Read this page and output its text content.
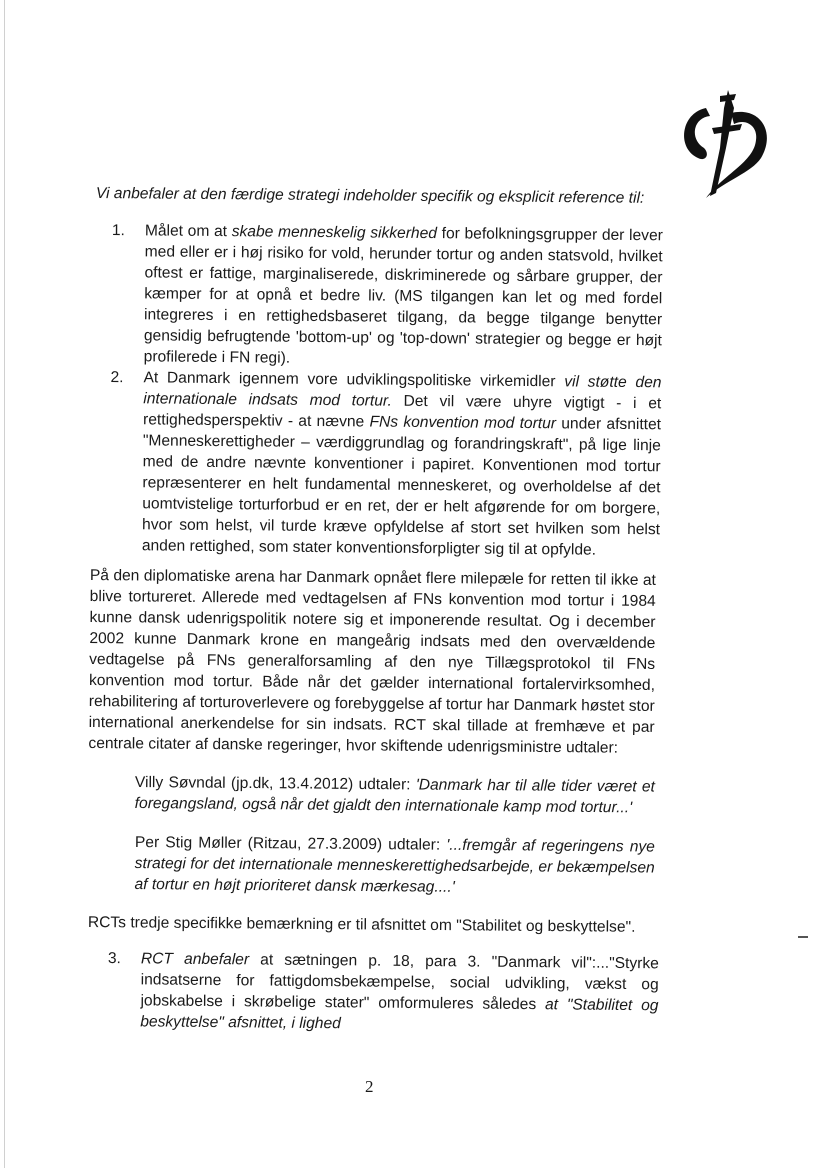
Vi anbefaler at den færdige strategi indeholder specifik og eksplicit reference til:
1. Målet om at skabe menneskelig sikkerhed for befolkningsgrupper der lever med eller er i høj risiko for vold, herunder tortur og anden statsvold, hvilket oftest er fattige, marginaliserede, diskriminerede og sårbare grupper, der kæmper for at opnå et bedre liv. (MS tilgangen kan let og med fordel integreres i en rettighedsbaseret tilgang, da begge tilgange benytter gensidig befrugtende 'bottom-up' og 'top-down' strategier og begge er højt profilerede i FN regi).
2. At Danmark igennem vore udviklingspolitiske virkemidler vil støtte den internationale indsats mod tortur. Det vil være uhyre vigtigt - i et rettighedsperspektiv - at nævne FNs konvention mod tortur under afsnittet "Menneskerettigheder – værdiggrundlag og forandringskraft", på lige linje med de andre nævnte konventioner i papiret. Konventionen mod tortur repræsenterer en helt fundamental menneskeret, og overholdelse af det uomtvistelige torturforbud er en ret, der er helt afgørende for om borgere, hvor som helst, vil turde kræve opfyldelse af stort set hvilken som helst anden rettighed, som stater konventionsforpligter sig til at opfylde.

På den diplomatiske arena har Danmark opnået flere milepæle for retten til ikke at blive tortureret. Allerede med vedtagelsen af FNs konvention mod tortur i 1984 kunne dansk udenrigspolitik notere sig et imponerende resultat. Og i december 2002 kunne Danmark krone en mangeårig indsats med den overvældende vedtagelse på FNs generalforsamling af den nye Tillægsprotokol til FNs konvention mod tortur. Både når det gælder international fortalervirksomhed, rehabilitering af torturoverlevere og forebyggelse af tortur har Danmark høstet stor international anerkendelse for sin indsats. RCT skal tillade at fremhæve et par centrale citater af danske regeringer, hvor skiftende udenrigsministre udtaler:

Villy Søvndal (jp.dk, 13.4.2012) udtaler: 'Danmark har til alle tider været et foregangsland, også når det gjaldt den internationale kamp mod tortur...'

Per Stig Møller (Ritzau, 27.3.2009) udtaler: '...fremgår af regeringens nye strategi for det internationale menneskerettighedsarbejde, er bekæmpelsen af tortur en højt prioriteret dansk mærkesag....'

RCTs tredje specifikke bemærkning er til afsnittet om "Stabilitet og beskyttelse".
3. RCT anbefaler at sætningen p. 18, para 3. "Danmark vil":..."Styrke indsatserne for fattigdomsbekæmpelse, social udvikling, vækst og jobskabelse i skrøbelige stater" omformuleres således at "Stabilitet og beskyttelse" afsnittet, i lighed
2
